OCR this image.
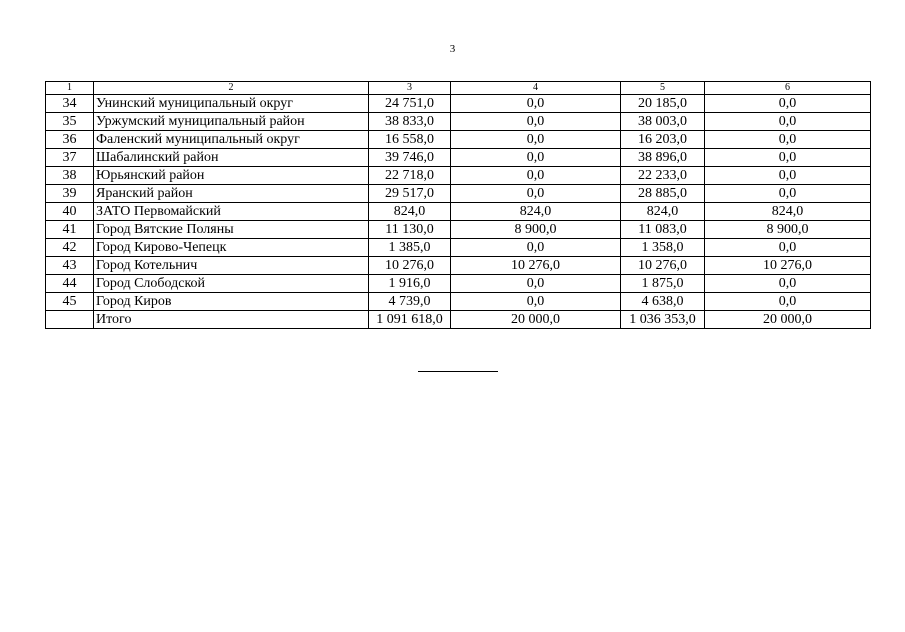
3
1	2	3	4	5	6
34	Унинский муниципальный округ	24 751,0	0,0	20 185,0	0,0
35	Уржумский муниципальный район	38 833,0	0,0	38 003,0	0,0
36	Фаленский муниципальный округ	16 558,0	0,0	16 203,0	0,0
37	Шабалинский район	39 746,0	0,0	38 896,0	0,0
38	Юрьянский район	22 718,0	0,0	22 233,0	0,0
39	Яранский район	29 517,0	0,0	28 885,0	0,0
40	ЗАТО Первомайский	824,0	824,0	824,0	824,0
41	Город Вятские Поляны	11 130,0	8 900,0	11 083,0	8 900,0
42	Город Кирово-Чепецк	1 385,0	0,0	1 358,0	0,0
43	Город Котельнич	10 276,0	10 276,0	10 276,0	10 276,0
44	Город Слободской	1 916,0	0,0	1 875,0	0,0
45	Город Киров	4 739,0	0,0	4 638,0	0,0
	Итого	1 091 618,0	20 000,0	1 036 353,0	20 000,0
